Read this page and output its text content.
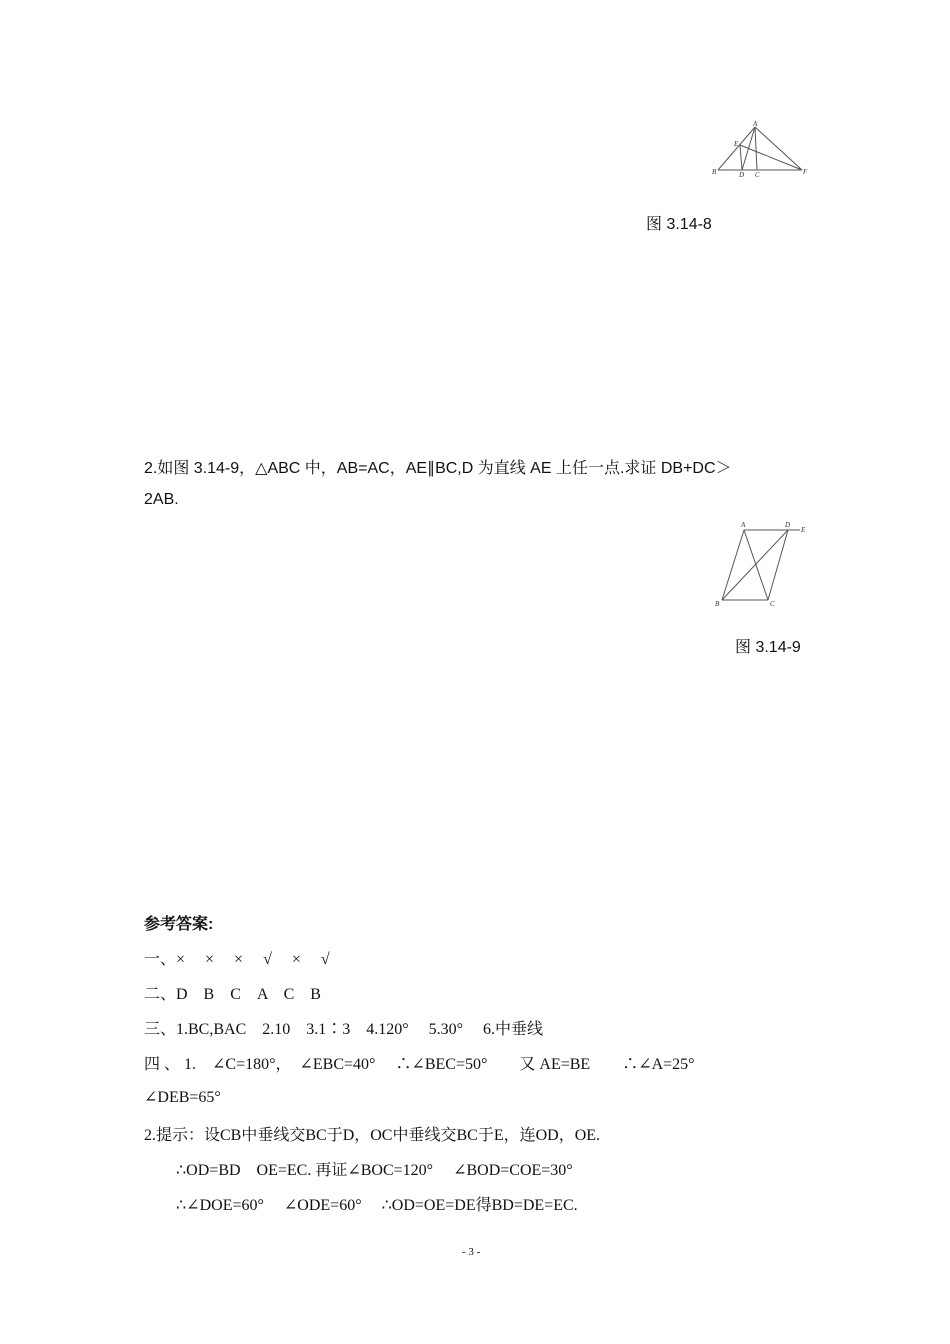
A
B	D C
E
F
图 3.14-8
2.如图 3.14-9，△ABC 中，AB=AC，AE∥BC,D 为直线 AE 上任一点.求证 DB+DC＞
2AB.
A	D
E
B	C
图 3.14-9
参考答案:
一、×　 ×　 ×　 √　 ×　 √
二、D　B　C　A　C　B
三、1.BC,BAC　2.10　3.1∶3　4.120°　 5.30°　 6.中垂线
四 、 1.　∠C=180°，　∠EBC=40°　 ∴∠BEC=50°　　又 AE=BE　　∴∠A=25°
∠DEB=65°
2.提示：设CB中垂线交BC于D，OC中垂线交BC于E，连OD，OE.
∴OD=BD　OE=EC. 再证∠BOC=120°　 ∠BOD=COE=30°
∴∠DOE=60°　 ∠ODE=60°　 ∴OD=OE=DE得BD=DE=EC.
- 3 -
